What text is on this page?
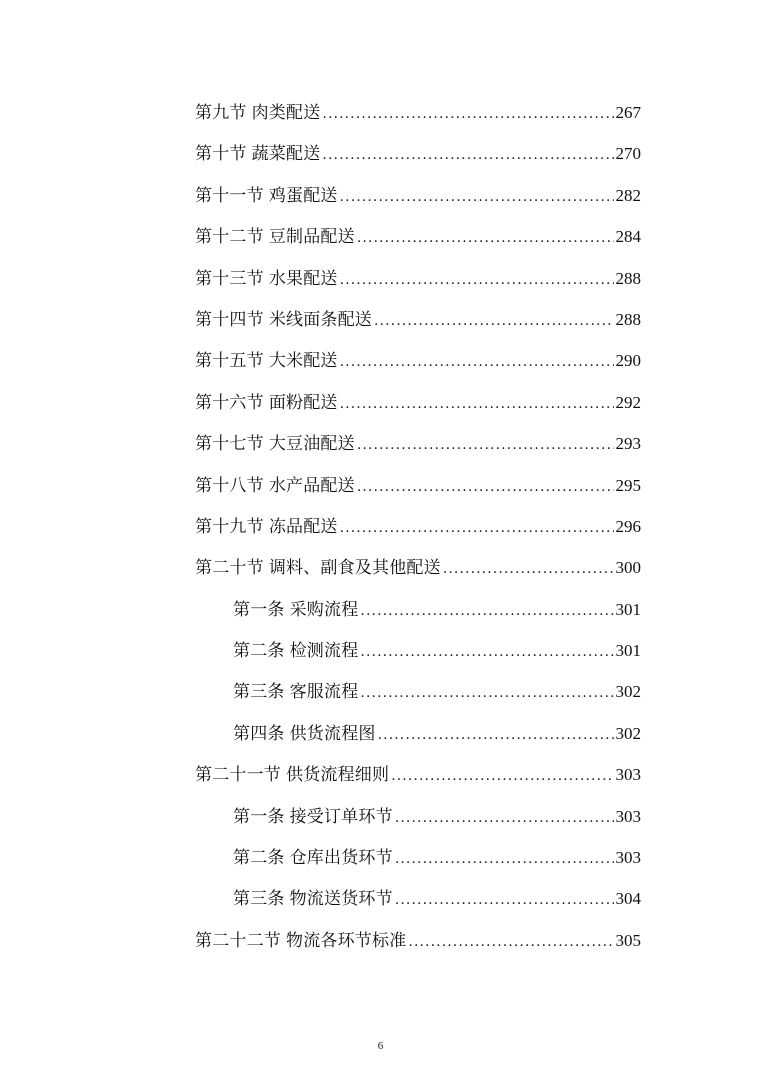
第九节 肉类配送 .....	267
第十节 蔬菜配送 .....	270
第十一节 鸡蛋配送 .....	282
第十二节 豆制品配送 .....	284
第十三节 水果配送 .....	288
第十四节 米线面条配送 .....	288
第十五节 大米配送 .....	290
第十六节 面粉配送 .....	292
第十七节 大豆油配送 .....	293
第十八节 水产品配送 .....	295
第十九节 冻品配送 .....	296
第二十节 调料、副食及其他配送 .....	300
第一条 采购流程 .....	301
第二条 检测流程 .....	301
第三条 客服流程 .....	302
第四条 供货流程图 .....	302
第二十一节 供货流程细则 .....	303
第一条 接受订单环节 .....	303
第二条 仓库出货环节 .....	303
第三条 物流送货环节 .....	304
第二十二节 物流各环节标准 .....	305
6
